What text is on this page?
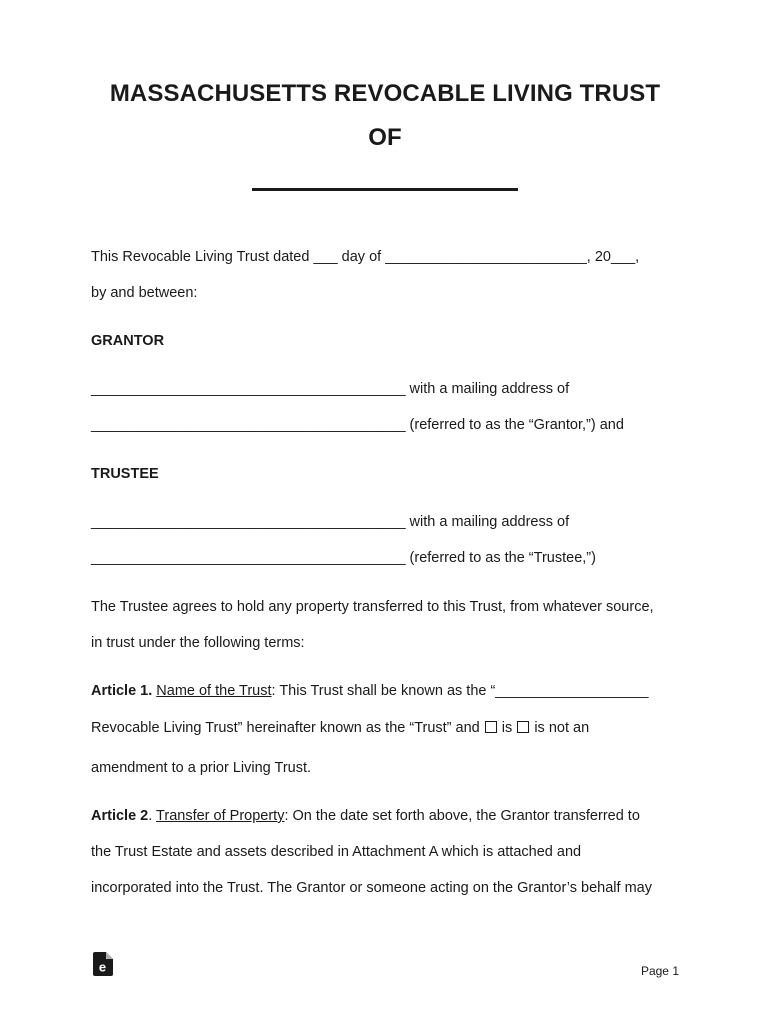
MASSACHUSETTS REVOCABLE LIVING TRUST
OF
This Revocable Living Trust dated ___ day of _________________________, 20___,
by and between:
GRANTOR
_______________________________________ with a mailing address of
_______________________________________ (referred to as the “Grantor,”) and
TRUSTEE
_______________________________________ with a mailing address of
_______________________________________ (referred to as the “Trustee,”)
The Trustee agrees to hold any property transferred to this Trust, from whatever source,
in trust under the following terms:
Article 1. Name of the Trust: This Trust shall be known as the “___________________
Revocable Living Trust” hereinafter known as the “Trust” and  is  is not an
amendment to a prior Living Trust.
Article 2. Transfer of Property: On the date set forth above, the Grantor transferred to
the Trust Estate and assets described in Attachment A which is attached and
incorporated into the Trust. The Grantor or someone acting on the Grantor’s behalf may
e	Page 1
